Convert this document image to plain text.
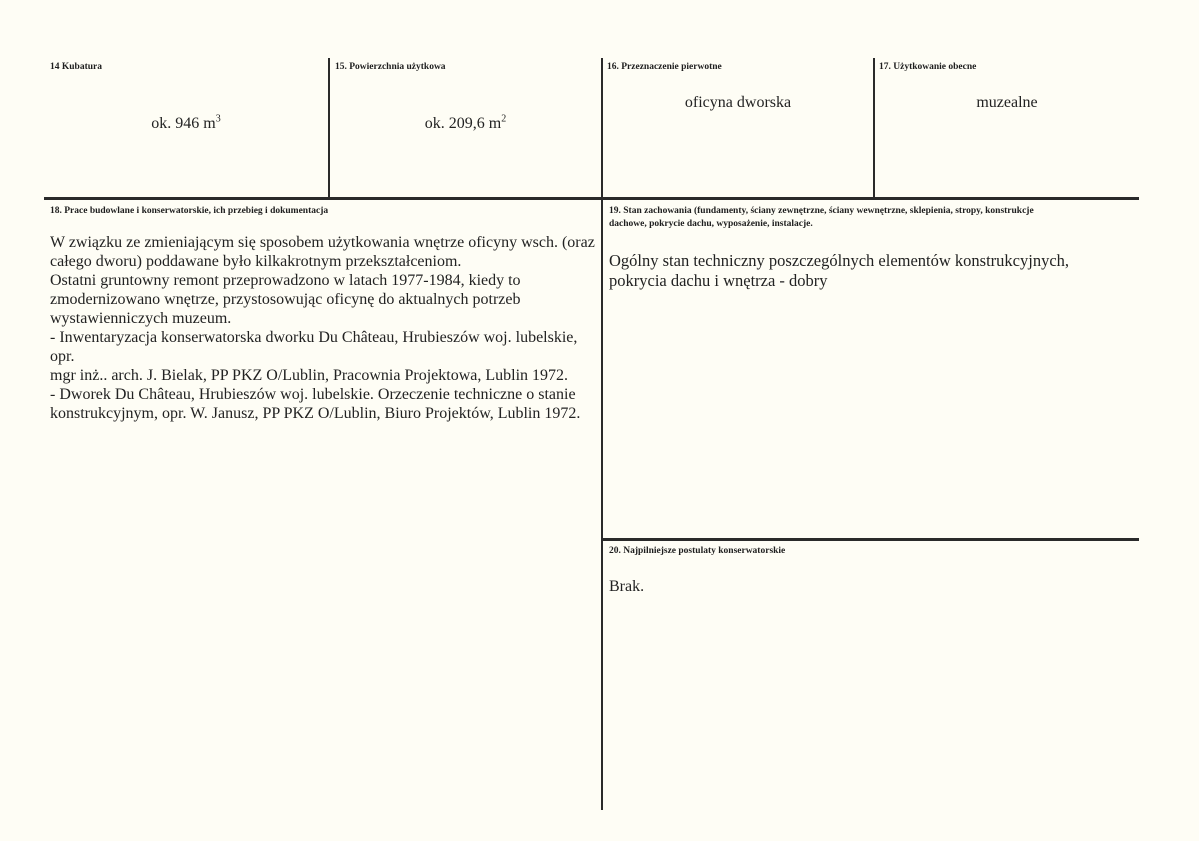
14 Kubatura
ok. 946 $m^3$
15. Powierzchnia użytkowa
ok. 209,6 $m^2$
16. Przeznaczenie pierwotne
oficyna dworska
17. Użytkowanie obecne
muzealne
18. Prace budowlane i konserwatorskie, ich przebieg i dokumentacja

W związku ze zmieniającym się sposobem użytkowania wnętrze oficyny wsch. (oraz

całego dworu) poddawane było kilkakrotnym przekształceniom.

Ostatni gruntowny remont przeprowadzono w latach 1977-1984, kiedy to

zmodernizowano wnętrze, przystosowując oficynę do aktualnych potrzeb

wystawienniczych muzeum.

- Inwentaryzacja konserwatorska dworku Du Château, Hrubieszów woj. lubelskie, opr.

mgr inż.. arch. J. Bielak, PP PKZ O/Lublin, Pracownia Projektowa, Lublin 1972.

- Dworek Du Château, Hrubieszów woj. lubelskie. Orzeczenie techniczne o stanie

konstrukcyjnym, opr. W. Janusz, PP PKZ O/Lublin, Biuro Projektów, Lublin 1972.

19. Stan zachowania (fundamenty, ściany zewnętrzne, ściany wewnętrzne, sklepienia, stropy, konstrukcje
dachowe, pokrycie dachu, wyposażenie, instalacje.

Ogólny stan techniczny poszczególnych elementów konstrukcyjnych,

pokrycia dachu i wnętrza - dobry

20. Najpilniejsze postulaty konserwatorskie
Brak.
